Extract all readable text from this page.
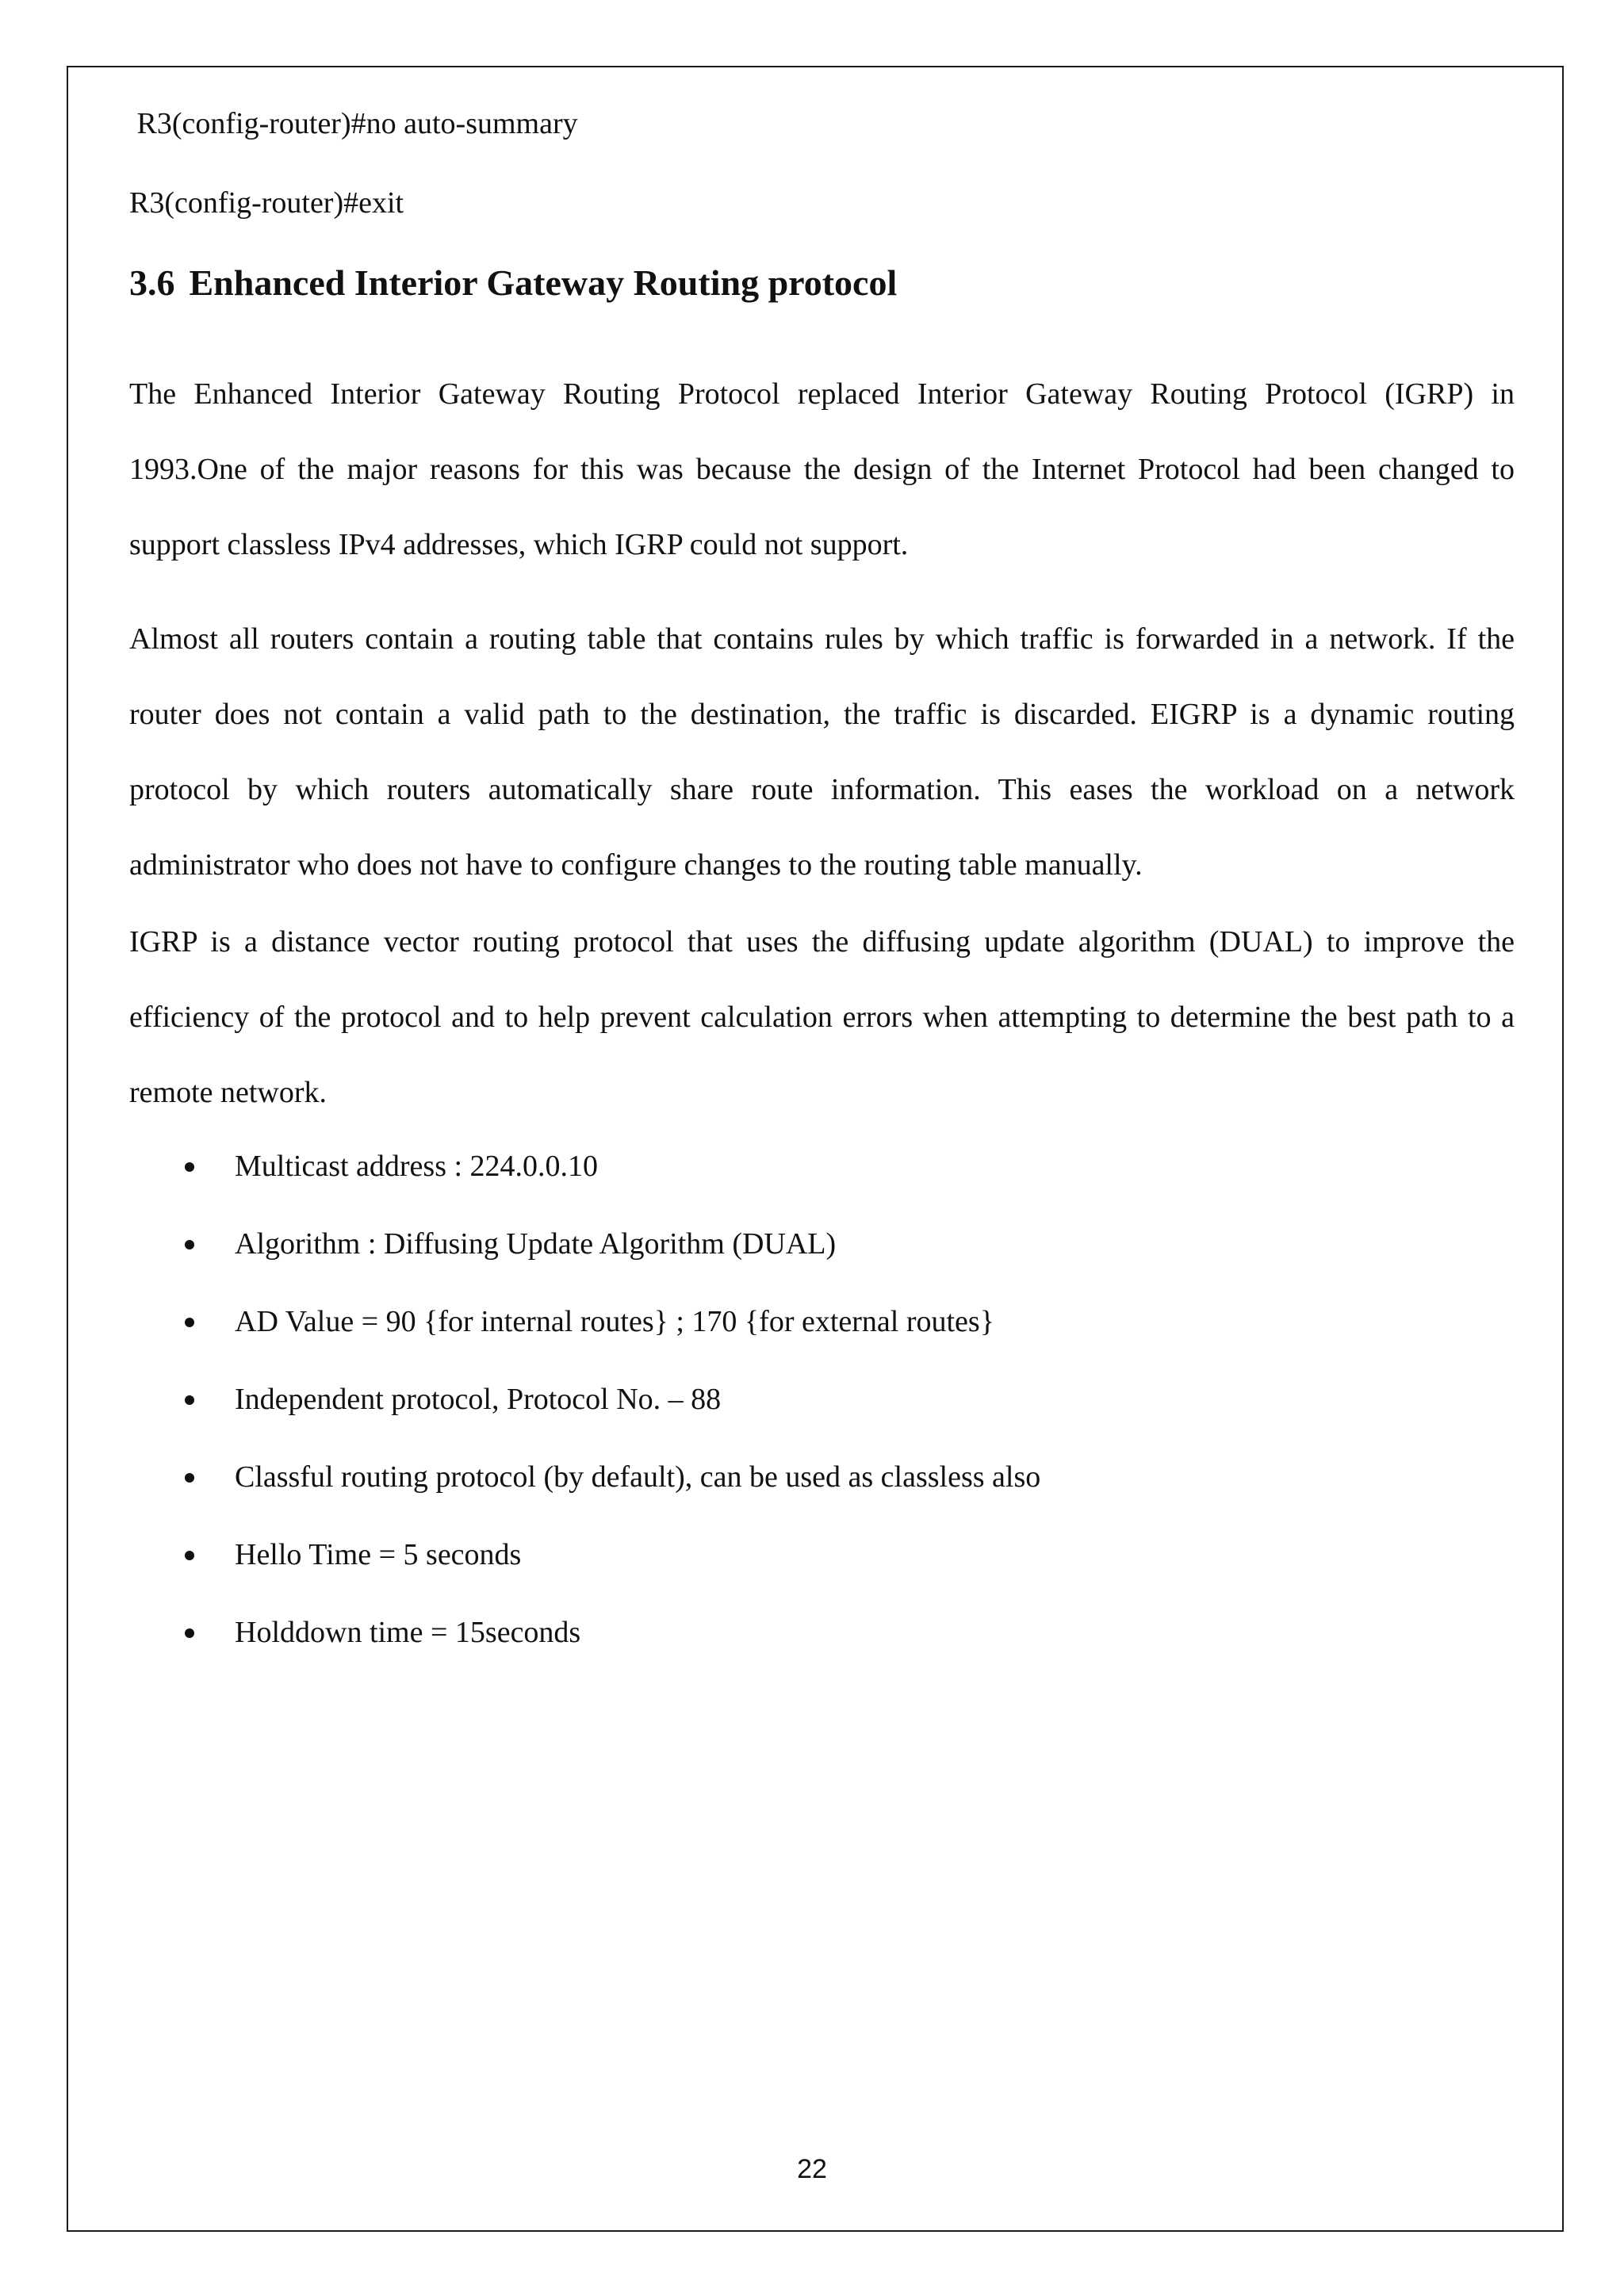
R3(config-router)#no auto-summary
R3(config-router)#exit
3.6 Enhanced Interior Gateway Routing protocol

The Enhanced Interior Gateway Routing Protocol replaced Interior Gateway Routing Protocol (IGRP) in 1993.One of the major reasons for this was because the design of the Internet Protocol had been changed to support classless IPv4 addresses, which IGRP could not support.

Almost all routers contain a routing table that contains rules by which traffic is forwarded in a network. If the router does not contain a valid path to the destination, the traffic is discarded. EIGRP is a dynamic routing protocol by which routers automatically share route information. This eases the workload on a network administrator who does not have to configure changes to the routing table manually.

IGRP is a distance vector routing protocol that uses the diffusing update algorithm (DUAL) to improve the efficiency of the protocol and to help prevent calculation errors when attempting to determine the best path to a remote network.

Multicast address : 224.0.0.10
Algorithm : Diffusing Update Algorithm (DUAL)
AD Value = 90 {for internal routes} ; 170 {for external routes}
Independent protocol, Protocol No. – 88
Classful routing protocol (by default), can be used as classless also
Hello Time = 5 seconds
Holddown time = 15seconds
22
